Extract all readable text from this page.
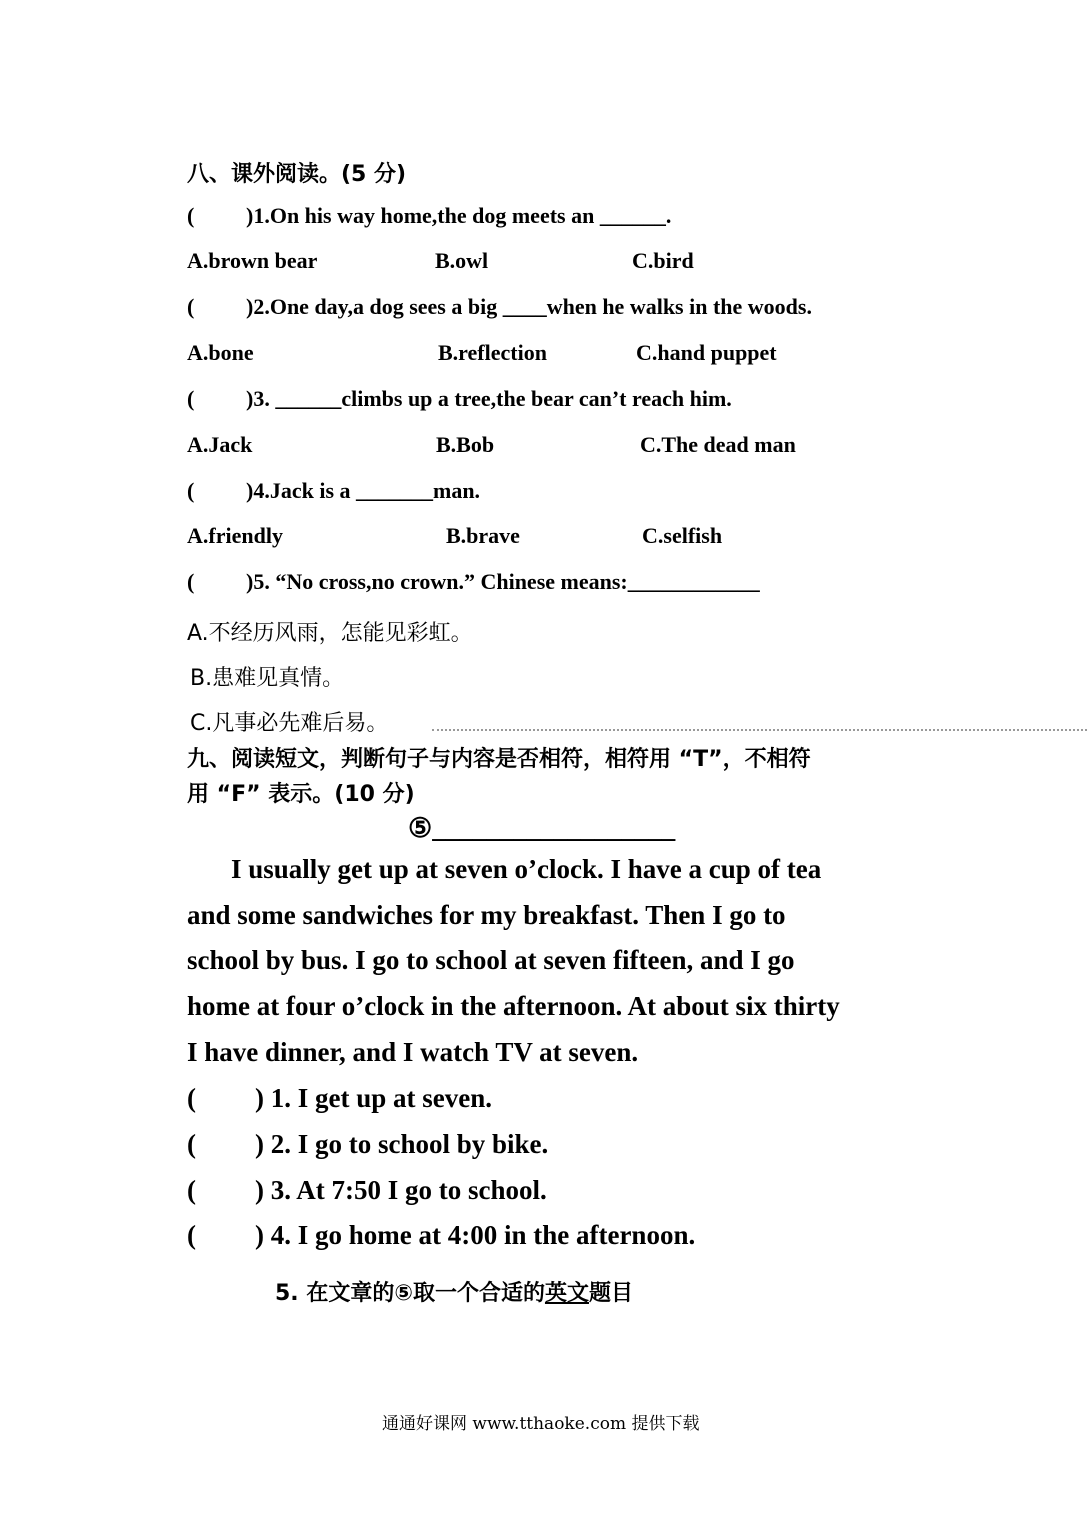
八、课外阅读。(5 分)
( )1.On his way home,the dog meets an ______.
A.brown bear	B.owl	C.bird
( )2.One day,a dog sees a big ____when he walks in the woods.
A.bone	B.reflection	C.hand puppet
( )3. ______climbs up a tree,the bear can’t reach him.
A.Jack	B.Bob	C.The dead man
( )4.Jack is a _______man.
A.friendly	B.brave	C.selfish
( )5. “No cross,no crown.” Chinese means:____________
A.不经历风雨，怎能见彩虹。
B.患难见真情。
C.凡事必先难后易。
九、阅读短文，判断句子与内容是否相符，相符用 “T”，不相符
用 “F” 表示。(10 分)
⑤__________________
I usually get up at seven o’clock. I have a cup of tea
and some sandwiches for my breakfast. Then I go to
school by bus. I go to school at seven fifteen, and I go
home at four o’clock in the afternoon. At about six thirty
I have dinner, and I watch TV at seven.
( ) 1. I get up at seven.
( ) 2. I go to school by bike.
( ) 3. At 7:50 I go to school.
( ) 4. I go home at 4:00 in the afternoon.
5. 在文章的⑤取一个合适的英文题目
通通好课网 www.tthaoke.com 提供下载
